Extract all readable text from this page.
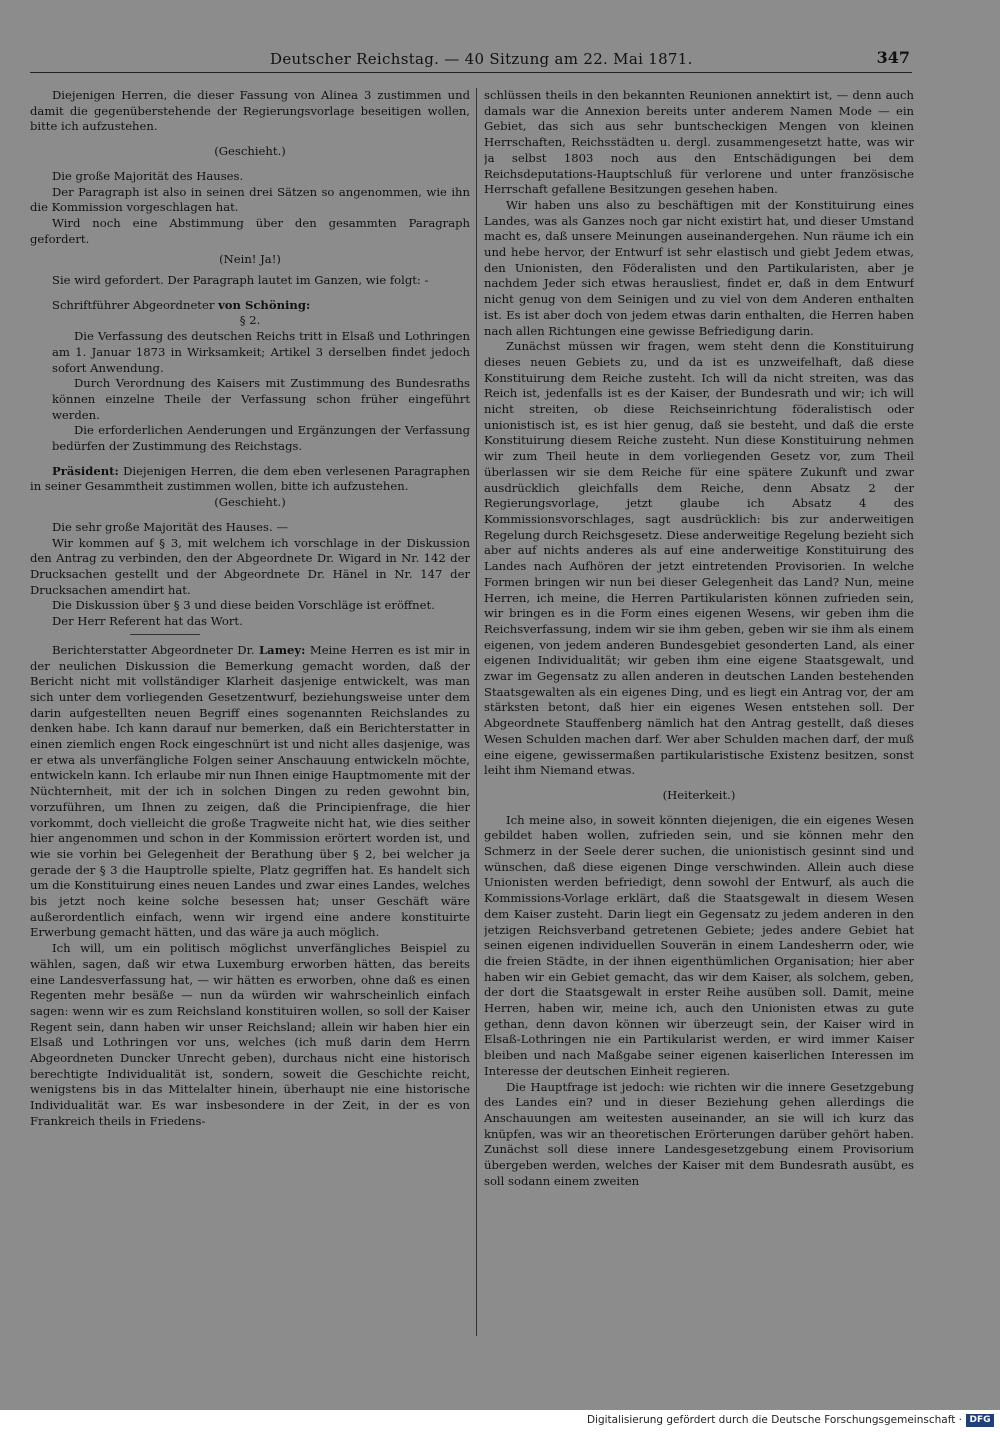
Deutscher Reichstag. — 40 Sitzung am 22. Mai 1871.	347

Diejenigen Herren, die dieser Fassung von Alinea 3 zustimmen und damit die gegenüberstehende der Regierungsvorlage beseitigen wollen, bitte ich aufzustehen.

(Geschieht.)

Die große Majorität des Hauses.

Der Paragraph ist also in seinen drei Sätzen so angenommen, wie ihn die Kommission vorgeschlagen hat.

Wird noch eine Abstimmung über den gesammten Paragraph gefordert.

(Nein! Ja!)

Sie wird gefordert. Der Paragraph lautet im Ganzen, wie folgt: -

Schriftführer Abgeordneter von Schöning:

§ 2.

Die Verfassung des deutschen Reichs tritt in Elsaß und Lothringen am 1. Januar 1873 in Wirksamkeit; Artikel 3 derselben findet jedoch sofort Anwendung.

Durch Verordnung des Kaisers mit Zustimmung des Bundesraths können einzelne Theile der Verfassung schon früher eingeführt werden.

Die erforderlichen Aenderungen und Ergänzungen der Verfassung bedürfen der Zustimmung des Reichstags.

Präsident: Diejenigen Herren, die dem eben verlesenen Paragraphen in seiner Gesammtheit zustimmen wollen, bitte ich aufzustehen.

(Geschieht.)

Die sehr große Majorität des Hauses. —

Wir kommen auf § 3, mit welchem ich vorschlage in der Diskussion den Antrag zu verbinden, den der Abgeordnete Dr. Wigard in Nr. 142 der Drucksachen gestellt und der Abgeordnete Dr. Hänel in Nr. 147 der Drucksachen amendirt hat.

Die Diskussion über § 3 und diese beiden Vorschläge ist eröffnet.

Der Herr Referent hat das Wort.

Berichterstatter Abgeordneter Dr. Lamey: Meine Herren es ist mir in der neulichen Diskussion die Bemerkung gemacht worden, daß der Bericht nicht mit vollständiger Klarheit dasjenige entwickelt, was man sich unter dem vorliegenden Gesetzentwurf, beziehungsweise unter dem darin aufgestellten neuen Begriff eines sogenannten Reichslandes zu denken habe. Ich kann darauf nur bemerken, daß ein Berichterstatter in einen ziemlich engen Rock eingeschnürt ist und nicht alles dasjenige, was er etwa als unverfängliche Folgen seiner Anschauung entwickeln möchte, entwickeln kann. Ich erlaube mir nun Ihnen einige Hauptmomente mit der Nüchternheit, mit der ich in solchen Dingen zu reden gewohnt bin, vorzuführen, um Ihnen zu zeigen, daß die Principienfrage, die hier vorkommt, doch vielleicht die große Tragweite nicht hat, wie dies seither hier angenommen und schon in der Kommission erörtert worden ist, und wie sie vorhin bei Gelegenheit der Berathung über § 2, bei welcher ja gerade der § 3 die Hauptrolle spielte, Platz gegriffen hat. Es handelt sich um die Konstituirung eines neuen Landes und zwar eines Landes, welches bis jetzt noch keine solche besessen hat; unser Geschäft wäre außerordentlich einfach, wenn wir irgend eine andere konstituirte Erwerbung gemacht hätten, und das wäre ja auch möglich.

Ich will, um ein politisch möglichst unverfängliches Beispiel zu wählen, sagen, daß wir etwa Luxemburg erworben hätten, das bereits eine Landesverfassung hat, — wir hätten es erworben, ohne daß es einen Regenten mehr besäße — nun da würden wir wahrscheinlich einfach sagen: wenn wir es zum Reichsland konstituiren wollen, so soll der Kaiser Regent sein, dann haben wir unser Reichsland; allein wir haben hier ein Elsaß und Lothringen vor uns, welches (ich muß darin dem Herrn Abgeordneten Duncker Unrecht geben), durchaus nicht eine historisch berechtigte Individualität ist, sondern, soweit die Geschichte reicht, wenigstens bis in das Mittelalter hinein, überhaupt nie eine historische Individualität war. Es war insbesondere in der Zeit, in der es von Frankreich theils in Friedens-

schlüssen theils in den bekannten Reunionen annektirt ist, — denn auch damals war die Annexion bereits unter anderem Namen Mode — ein Gebiet, das sich aus sehr buntscheckigen Mengen von kleinen Herrschaften, Reichsstädten u. dergl. zusammengesetzt hatte, was wir ja selbst 1803 noch aus den Entschädigungen bei dem Reichsdeputations-Hauptschluß für verlorene und unter französische Herrschaft gefallene Besitzungen gesehen haben.

Wir haben uns also zu beschäftigen mit der Konstituirung eines Landes, was als Ganzes noch gar nicht existirt hat, und dieser Umstand macht es, daß unsere Meinungen auseinandergehen. Nun räume ich ein und hebe hervor, der Entwurf ist sehr elastisch und giebt Jedem etwas, den Unionisten, den Föderalisten und den Partikularisten, aber je nachdem Jeder sich etwas herausliest, findet er, daß in dem Entwurf nicht genug von dem Seinigen und zu viel von dem Anderen enthalten ist. Es ist aber doch von jedem etwas darin enthalten, die Herren haben nach allen Richtungen eine gewisse Befriedigung darin.

Zunächst müssen wir fragen, wem steht denn die Konstituirung dieses neuen Gebiets zu, und da ist es unzweifelhaft, daß diese Konstituirung dem Reiche zusteht. Ich will da nicht streiten, was das Reich ist, jedenfalls ist es der Kaiser, der Bundesrath und wir; ich will nicht streiten, ob diese Reichseinrichtung föderalistisch oder unionistisch ist, es ist hier genug, daß sie besteht, und daß die erste Konstituirung diesem Reiche zusteht. Nun diese Konstituirung nehmen wir zum Theil heute in dem vorliegenden Gesetz vor, zum Theil überlassen wir sie dem Reiche für eine spätere Zukunft und zwar ausdrücklich gleichfalls dem Reiche, denn Absatz 2 der Regierungsvorlage, jetzt glaube ich Absatz 4 des Kommissionsvorschlages, sagt ausdrücklich: bis zur anderweitigen Regelung durch Reichsgesetz. Diese anderweitige Regelung bezieht sich aber auf nichts anderes als auf eine anderweitige Konstituirung des Landes nach Aufhören der jetzt eintretenden Provisorien. In welche Formen bringen wir nun bei dieser Gelegenheit das Land? Nun, meine Herren, ich meine, die Herren Partikularisten können zufrieden sein, wir bringen es in die Form eines eigenen Wesens, wir geben ihm die Reichsverfassung, indem wir sie ihm geben, geben wir sie ihm als einem eigenen, von jedem anderen Bundesgebiet gesonderten Land, als einer eigenen Individualität; wir geben ihm eine eigene Staatsgewalt, und zwar im Gegensatz zu allen anderen in deutschen Landen bestehenden Staatsgewalten als ein eigenes Ding, und es liegt ein Antrag vor, der am stärksten betont, daß hier ein eigenes Wesen entstehen soll. Der Abgeordnete Stauffenberg nämlich hat den Antrag gestellt, daß dieses Wesen Schulden machen darf. Wer aber Schulden machen darf, der muß eine eigene, gewissermaßen partikularistische Existenz besitzen, sonst leiht ihm Niemand etwas.

(Heiterkeit.)

Ich meine also, in soweit könnten diejenigen, die ein eigenes Wesen gebildet haben wollen, zufrieden sein, und sie können mehr den Schmerz in der Seele derer suchen, die unionistisch gesinnt sind und wünschen, daß diese eigenen Dinge verschwinden. Allein auch diese Unionisten werden befriedigt, denn sowohl der Entwurf, als auch die Kommissions-Vorlage erklärt, daß die Staatsgewalt in diesem Wesen dem Kaiser zusteht. Darin liegt ein Gegensatz zu jedem anderen in den jetzigen Reichsverband getretenen Gebiete; jedes andere Gebiet hat seinen eigenen individuellen Souverän in einem Landesherrn oder, wie die freien Städte, in der ihnen eigenthümlichen Organisation; hier aber haben wir ein Gebiet gemacht, das wir dem Kaiser, als solchem, geben, der dort die Staatsgewalt in erster Reihe ausüben soll. Damit, meine Herren, haben wir, meine ich, auch den Unionisten etwas zu gute gethan, denn davon können wir überzeugt sein, der Kaiser wird in Elsaß-Lothringen nie ein Partikularist werden, er wird immer Kaiser bleiben und nach Maßgabe seiner eigenen kaiserlichen Interessen im Interesse der deutschen Einheit regieren.

Die Hauptfrage ist jedoch: wie richten wir die innere Gesetzgebung des Landes ein? und in dieser Beziehung gehen allerdings die Anschauungen am weitesten auseinander, an sie will ich kurz das knüpfen, was wir an theoretischen Erörterungen darüber gehört haben. Zunächst soll diese innere Landesgesetzgebung einem Provisorium übergeben werden, welches der Kaiser mit dem Bundesrath ausübt, es soll sodann einem zweiten

Digitalisierung gefördert durch die Deutsche Forschungsgemeinschaft · DFG
